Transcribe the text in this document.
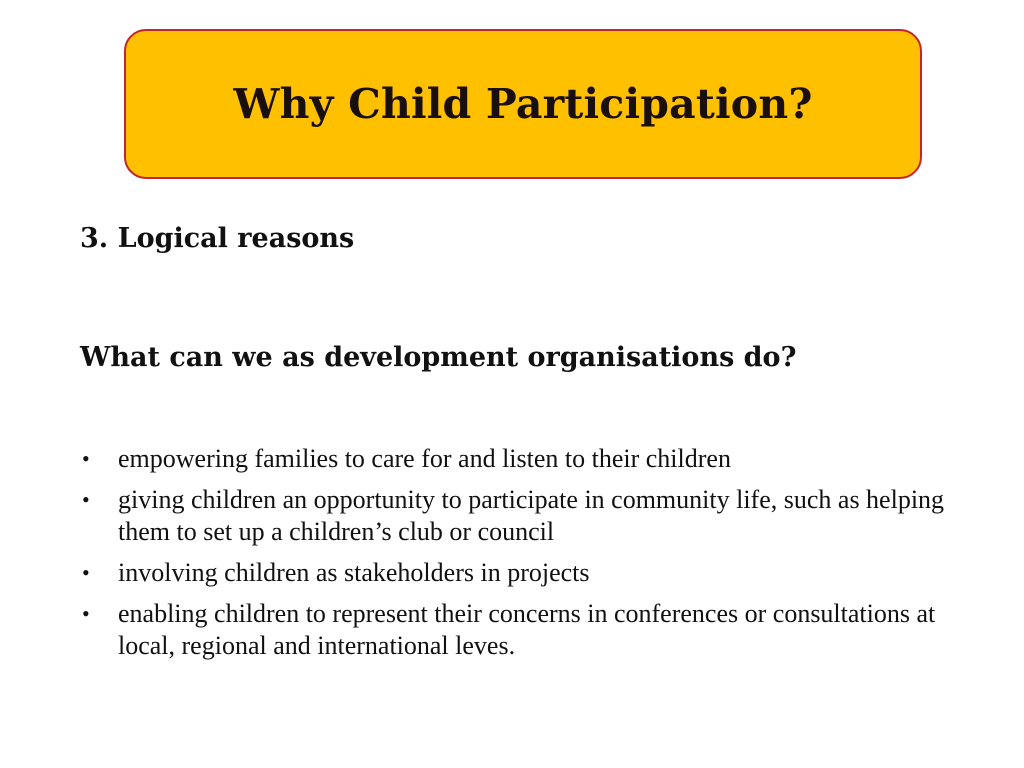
Why Child Participation?
3. Logical reasons
What can we as development organisations do?
• empowering families to care for and listen to their children
• giving children an opportunity to participate in community life, such as helping them to set up a children’s club or council
• involving children as stakeholders in projects
• enabling children to represent their concerns in conferences or consultations at local, regional and international leves.
